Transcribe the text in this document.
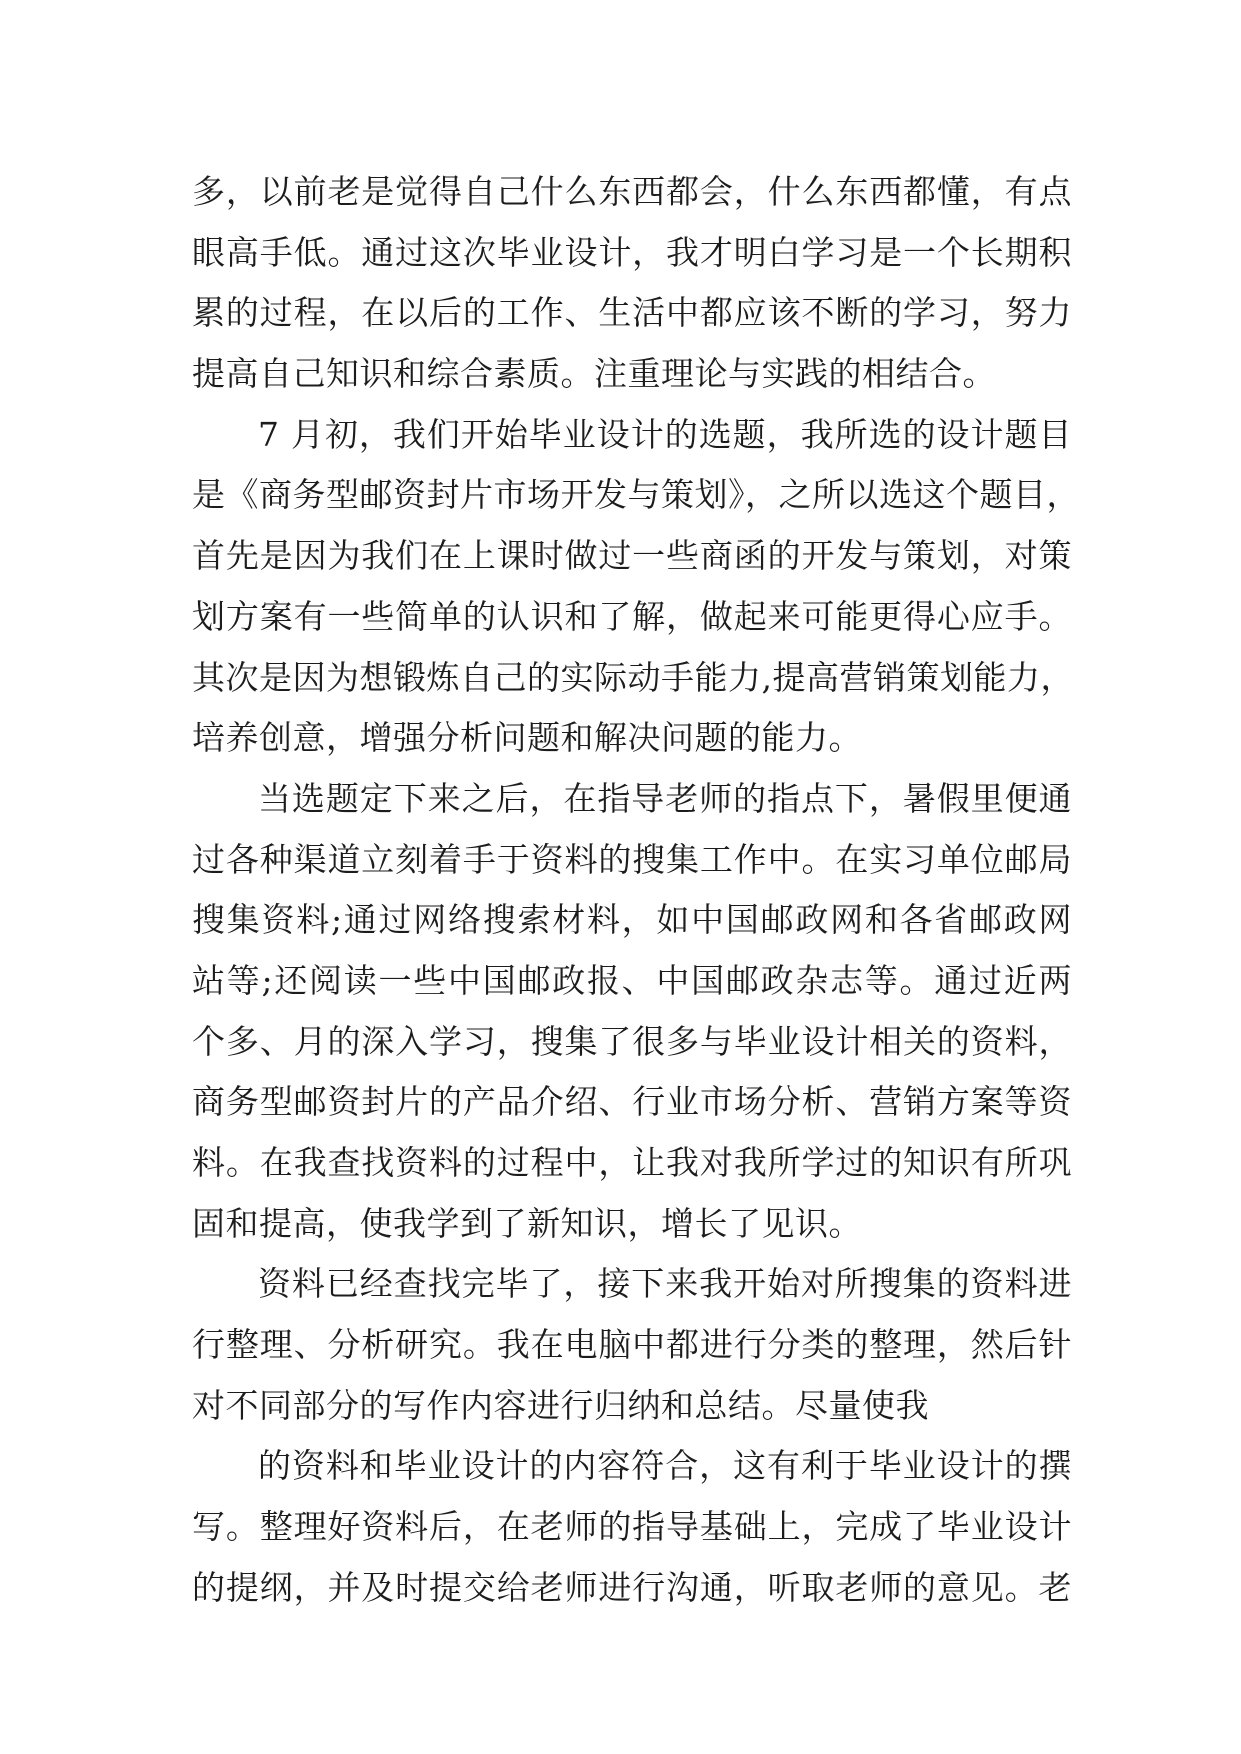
多，以前老是觉得自己什么东西都会，什么东西都懂，有点
眼高手低。通过这次毕业设计，我才明白学习是一个长期积
累的过程，在以后的工作、生活中都应该不断的学习，努力
提高自己知识和综合素质。注重理论与实践的相结合。
7 月初，我们开始毕业设计的选题，我所选的设计题目
是《商务型邮资封片市场开发与策划》，之所以选这个题目，
首先是因为我们在上课时做过一些商函的开发与策划，对策
划方案有一些简单的认识和了解，做起来可能更得心应手。
其次是因为想锻炼自己的实际动手能力,提高营销策划能力，
培养创意，增强分析问题和解决问题的能力。
当选题定下来之后，在指导老师的指点下，暑假里便通
过各种渠道立刻着手于资料的搜集工作中。在实习单位邮局
搜集资料;通过网络搜索材料，如中国邮政网和各省邮政网
站等;还阅读一些中国邮政报、中国邮政杂志等。通过近两
个多、月的深入学习，搜集了很多与毕业设计相关的资料，
商务型邮资封片的产品介绍、行业市场分析、营销方案等资
料。在我查找资料的过程中，让我对我所学过的知识有所巩
固和提高，使我学到了新知识，增长了见识。
资料已经查找完毕了，接下来我开始对所搜集的资料进
行整理、分析研究。我在电脑中都进行分类的整理，然后针
对不同部分的写作内容进行归纳和总结。尽量使我
的资料和毕业设计的内容符合，这有利于毕业设计的撰
写。整理好资料后，在老师的指导基础上，完成了毕业设计
的提纲，并及时提交给老师进行沟通，听取老师的意见。老
